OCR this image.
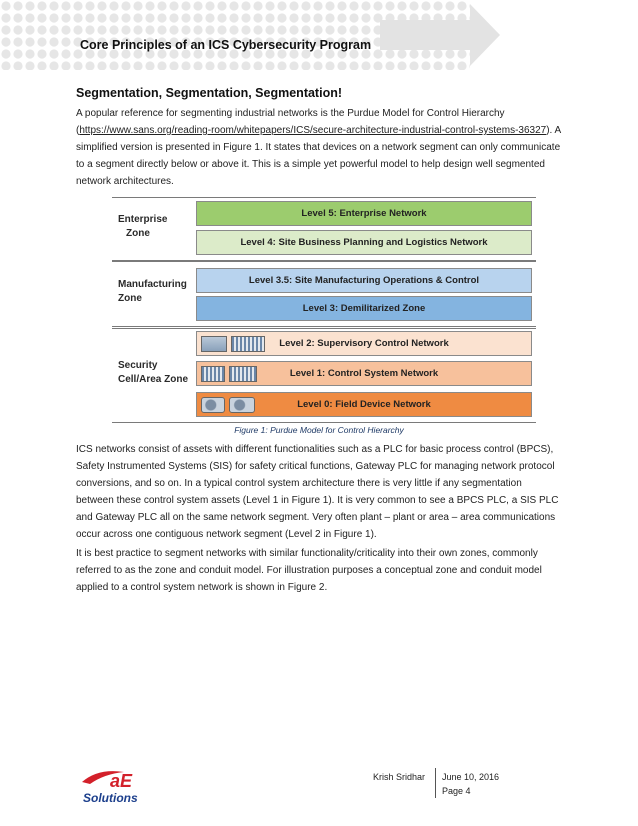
Core Principles of an ICS Cybersecurity Program
Segmentation, Segmentation, Segmentation!
A popular reference for segmenting industrial networks is the Purdue Model for Control Hierarchy (https://www.sans.org/reading-room/whitepapers/ICS/secure-architecture-industrial-control-systems-36327). A simplified version is presented in Figure 1. It states that devices on a network segment can only communicate to a segment directly below or above it. This is a simple yet powerful model to help design well segmented network architectures.
Enterprise
Zone
Level 5: Enterprise Network
Level 4: Site Business Planning and Logistics Network
Manufacturing
Zone
Level 3.5: Site Manufacturing Operations & Control
Level 3: Demilitarized Zone
Security
Cell/Area Zone
Level 2: Supervisory Control Network
Level 1: Control System Network
Level 0: Field Device Network
Figure 1: Purdue Model for Control Hierarchy
ICS networks consist of assets with different functionalities such as a PLC for basic process control (BPCS), Safety Instrumented Systems (SIS) for safety critical functions, Gateway PLC for managing network protocol conversions, and so on. In a typical control system architecture there is very little if any segmentation between these control system assets (Level 1 in Figure 1). It is very common to see a BPCS PLC, a SIS PLC and Gateway PLC all on the same network segment. Very often plant – plant or area – area communications occur across one contiguous network segment (Level 2 in Figure 1).
It is best practice to segment networks with similar functionality/criticality into their own zones, commonly referred to as the zone and conduit model. For illustration purposes a conceptual zone and conduit model applied to a control system network is shown in Figure 2.
aE
Solutions
Krish Sridhar June 10, 2016
Page 4
